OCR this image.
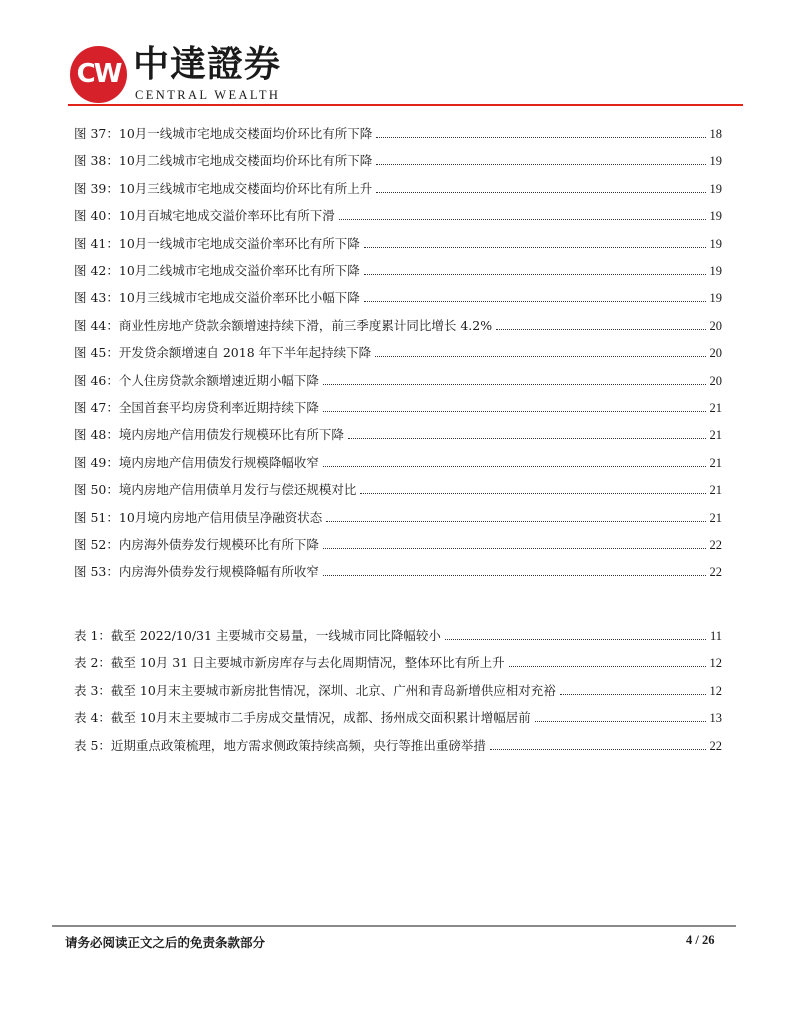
CW 中達證券
CENTRAL WEALTH
图 37：10月一线城市宅地成交楼面均价环比有所下降	18
图 38：10月二线城市宅地成交楼面均价环比有所下降	19
图 39：10月三线城市宅地成交楼面均价环比有所上升	19
图 40：10月百城宅地成交溢价率环比有所下滑	19
图 41：10月一线城市宅地成交溢价率环比有所下降	19
图 42：10月二线城市宅地成交溢价率环比有所下降	19
图 43：10月三线城市宅地成交溢价率环比小幅下降	19
图 44：商业性房地产贷款余额增速持续下滑，前三季度累计同比增长 4.2%	20
图 45：开发贷余额增速自 2018 年下半年起持续下降	20
图 46：个人住房贷款余额增速近期小幅下降	20
图 47：全国首套平均房贷利率近期持续下降	21
图 48：境内房地产信用债发行规模环比有所下降	21
图 49：境内房地产信用债发行规模降幅收窄	21
图 50：境内房地产信用债单月发行与偿还规模对比	21
图 51：10月境内房地产信用债呈净融资状态	21
图 52：内房海外债券发行规模环比有所下降	22
图 53：内房海外债券发行规模降幅有所收窄	22
表 1：截至 2022/10/31 主要城市交易量，一线城市同比降幅较小	11
表 2：截至 10月 31 日主要城市新房库存与去化周期情况，整体环比有所上升	12
表 3：截至 10月末主要城市新房批售情况，深圳、北京、广州和青岛新增供应相对充裕	12
表 4：截至 10月末主要城市二手房成交量情况，成都、扬州成交面积累计增幅居前	13
表 5：近期重点政策梳理，地方需求侧政策持续高频，央行等推出重磅举措	22
请务必阅读正文之后的免责条款部分	4 / 26
